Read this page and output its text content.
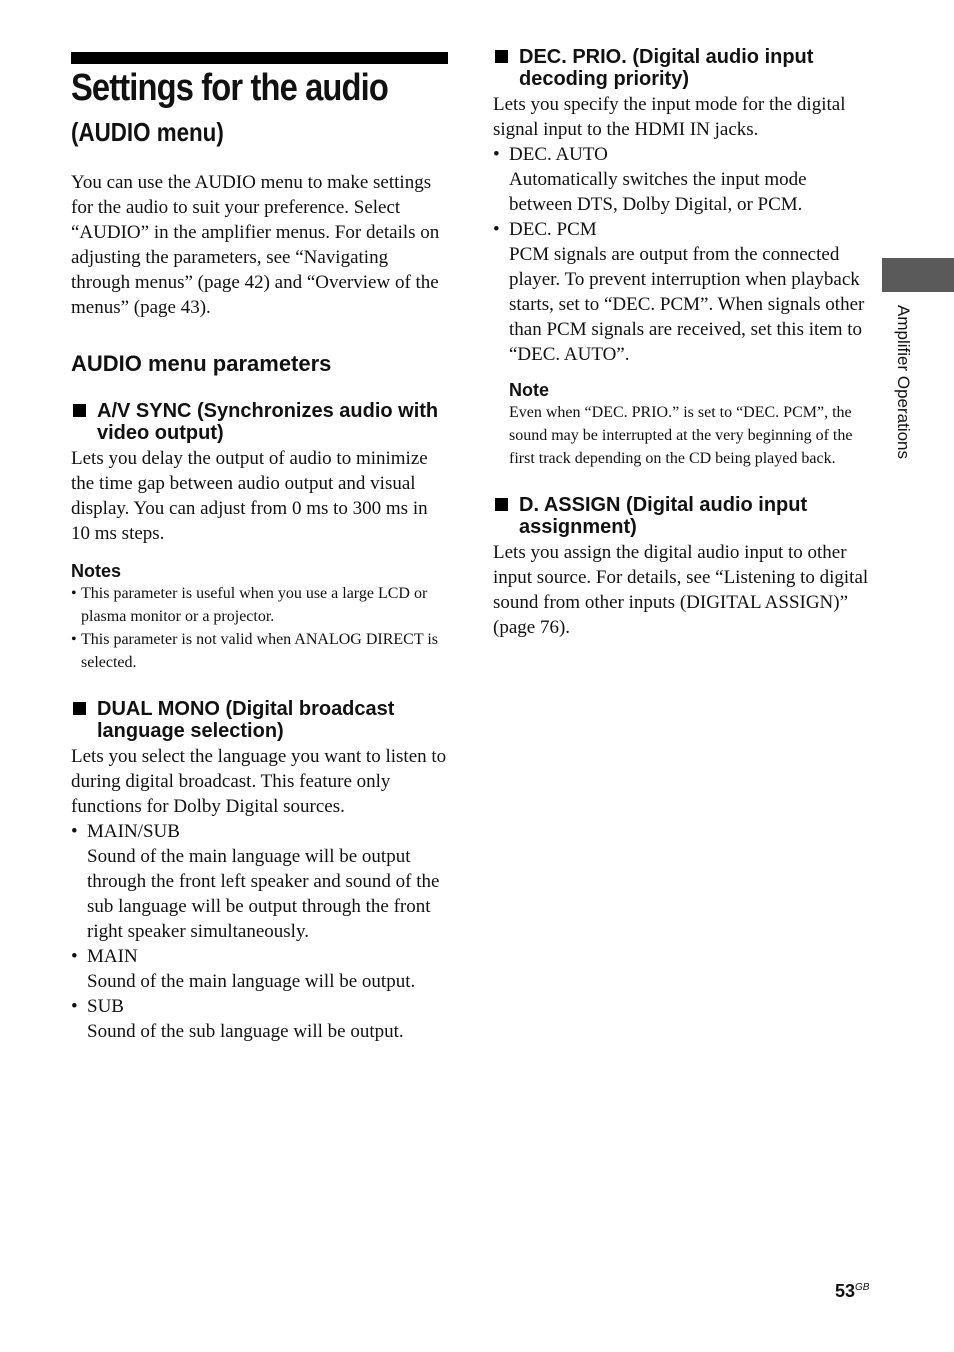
Settings for the audio
(AUDIO menu)

You can use the AUDIO menu to make settings for the audio to suit your preference. Select “AUDIO” in the amplifier menus. For details on adjusting the parameters, see “Navigating through menus” (page 42) and “Overview of the menus” (page 43).

AUDIO menu parameters
A/V SYNC (Synchronizes audio with video output)

Lets you delay the output of audio to minimize the time gap between audio output and visual display. You can adjust from 0 ms to 300 ms in 10 ms steps.

Notes
• This parameter is useful when you use a large LCD or plasma monitor or a projector.
• This parameter is not valid when ANALOG DIRECT is selected.
DUAL MONO (Digital broadcast language selection)

Lets you select the language you want to listen to during digital broadcast. This feature only functions for Dolby Digital sources.

• MAIN/SUB
Sound of the main language will be output through the front left speaker and sound of the sub language will be output through the front right speaker simultaneously.
• MAIN
Sound of the main language will be output.
• SUB
Sound of the sub language will be output.
DEC. PRIO. (Digital audio input decoding priority)

Lets you specify the input mode for the digital signal input to the HDMI IN jacks.

• DEC. AUTO
Automatically switches the input mode between DTS, Dolby Digital, or PCM.
• DEC. PCM
PCM signals are output from the connected player. To prevent interruption when playback starts, set to “DEC. PCM”. When signals other than PCM signals are received, set this item to “DEC. AUTO”.
Note

Even when “DEC. PRIO.” is set to “DEC. PCM”, the sound may be interrupted at the very beginning of the first track depending on the CD being played back.

D. ASSIGN (Digital audio input assignment)

Lets you assign the digital audio input to other input source. For details, see “Listening to digital sound from other inputs (DIGITAL ASSIGN)” (page 76).

Amplifier Operations
$53^{GB}$
